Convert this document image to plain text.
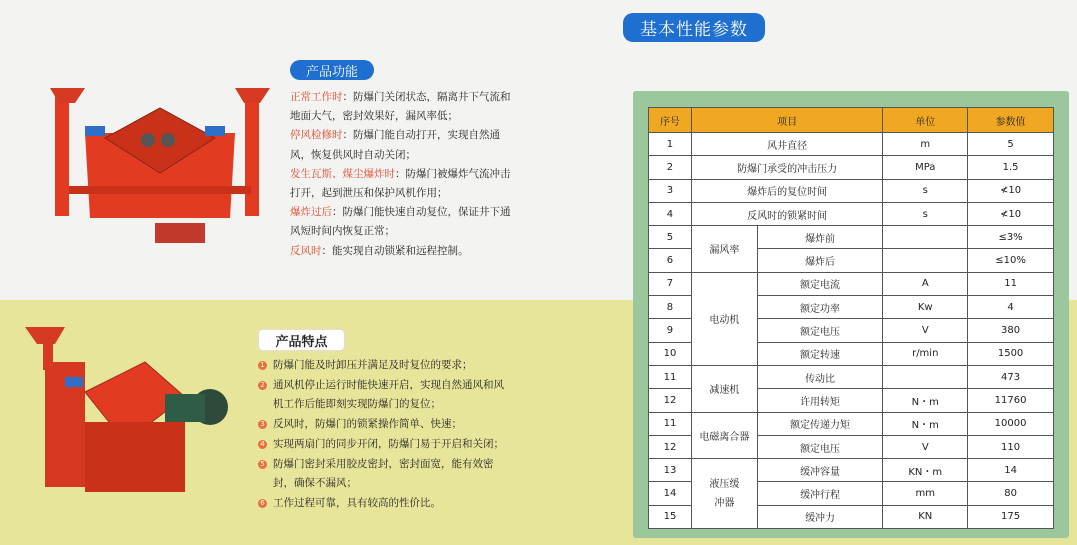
基本性能参数
产品功能
正常工作时：防爆门关闭状态，隔离井下气流和地面大气，密封效果好，漏风率低；
停风检修时：防爆门能自动打开，实现自然通风，恢复供风时自动关闭；
发生瓦斯、煤尘爆炸时：防爆门被爆炸气流冲击打开，起到泄压和保护风机作用；
爆炸过后：防爆门能快速自动复位，保证井下通风短时间内恢复正常；
反风时：能实现自动锁紧和远程控制。
产品特点
1 防爆门能及时卸压并满足及时复位的要求；
2 通风机停止运行时能快速开启，实现自然通风和风机工作后能即刻实现防爆门的复位；
3 反风时，防爆门的锁紧操作简单、快速；
4 实现两扇门的同步开闭，防爆门易于开启和关闭；
5 防爆门密封采用胶皮密封，密封面宽，能有效密封，确保不漏风；
6 工作过程可靠，具有较高的性价比。
序号	项目		单位	参数值
1	风井直径		m	5
2	防爆门承受的冲击压力		MPa	1.5
3	爆炸后的复位时间		s	≮10
4	反风时的锁紧时间		s	≮10
5	漏风率	爆炸前		≤3%
6		爆炸后		≤10%
7	电动机	额定电流	A	11
8		额定功率	Kw	4
9		额定电压	V	380
10		额定转速	r/min	1500
11	减速机	传动比		473
12		许用转矩	N・m	11760
11	电磁离合器	额定传递力矩	N・m	10000
12		额定电压	V	110
13	液压缓冲器	缓冲容量	KN・m	14
14		缓冲行程	mm	80
15		缓冲力	KN	175
